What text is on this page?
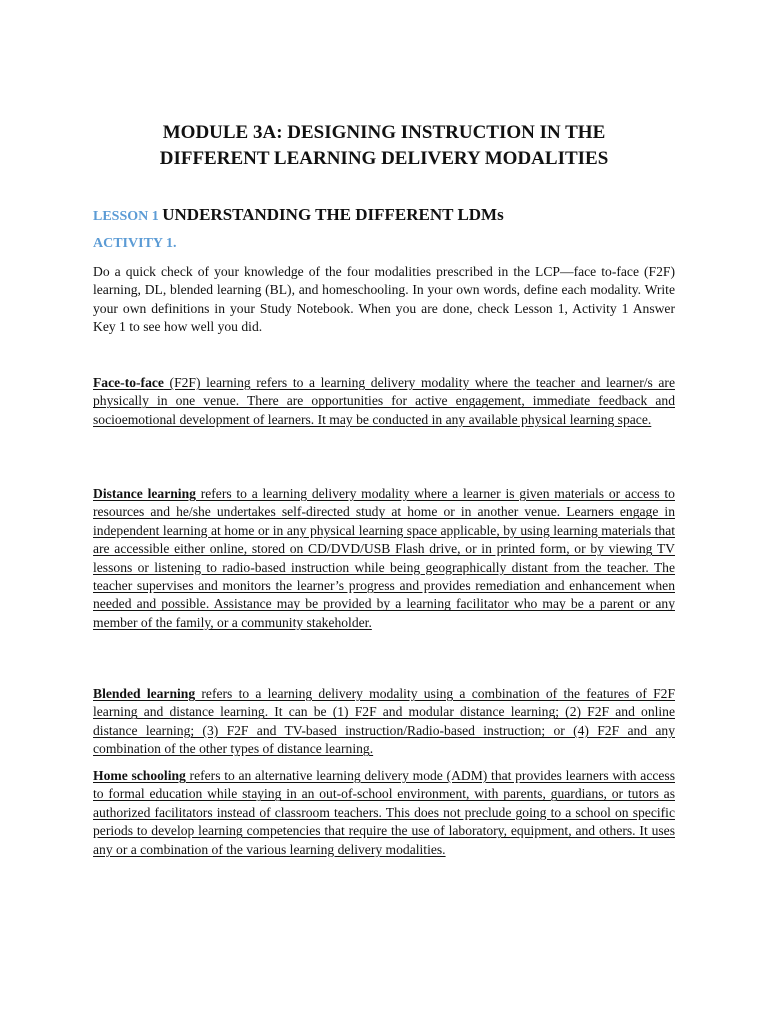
MODULE 3A: DESIGNING INSTRUCTION IN THE
DIFFERENT LEARNING DELIVERY MODALITIES
LESSON 1 UNDERSTANDING THE DIFFERENT LDMs
ACTIVITY 1.

Do a quick check of your knowledge of the four modalities prescribed in the LCP—face to-face (F2F) learning, DL, blended learning (BL), and homeschooling. In your own words, define each modality. Write your own definitions in your Study Notebook. When you are done, check Lesson 1, Activity 1 Answer Key 1 to see how well you did.

Face-to-face (F2F) learning refers to a learning delivery modality where the teacher and learner/s are physically in one venue. There are opportunities for active engagement, immediate feedback and socioemotional development of learners. It may be conducted in any available physical learning space.

Distance learning refers to a learning delivery modality where a learner is given materials or access to resources and he/she undertakes self-directed study at home or in another venue. Learners engage in independent learning at home or in any physical learning space applicable, by using learning materials that are accessible either online, stored on CD/DVD/USB Flash drive, or in printed form, or by viewing TV lessons or listening to radio-based instruction while being geographically distant from the teacher. The teacher supervises and monitors the learner’s progress and provides remediation and enhancement when needed and possible. Assistance may be provided by a learning facilitator who may be a parent or any member of the family, or a community stakeholder.

Blended learning refers to a learning delivery modality using a combination of the features of F2F learning and distance learning. It can be (1) F2F and modular distance learning; (2) F2F and online distance learning; (3) F2F and TV-based instruction/Radio-based instruction; or (4) F2F and any combination of the other types of distance learning.

Home schooling refers to an alternative learning delivery mode (ADM) that provides learners with access to formal education while staying in an out-of-school environment, with parents, guardians, or tutors as authorized facilitators instead of classroom teachers. This does not preclude going to a school on specific periods to develop learning competencies that require the use of laboratory, equipment, and others. It uses any or a combination of the various learning delivery modalities.
